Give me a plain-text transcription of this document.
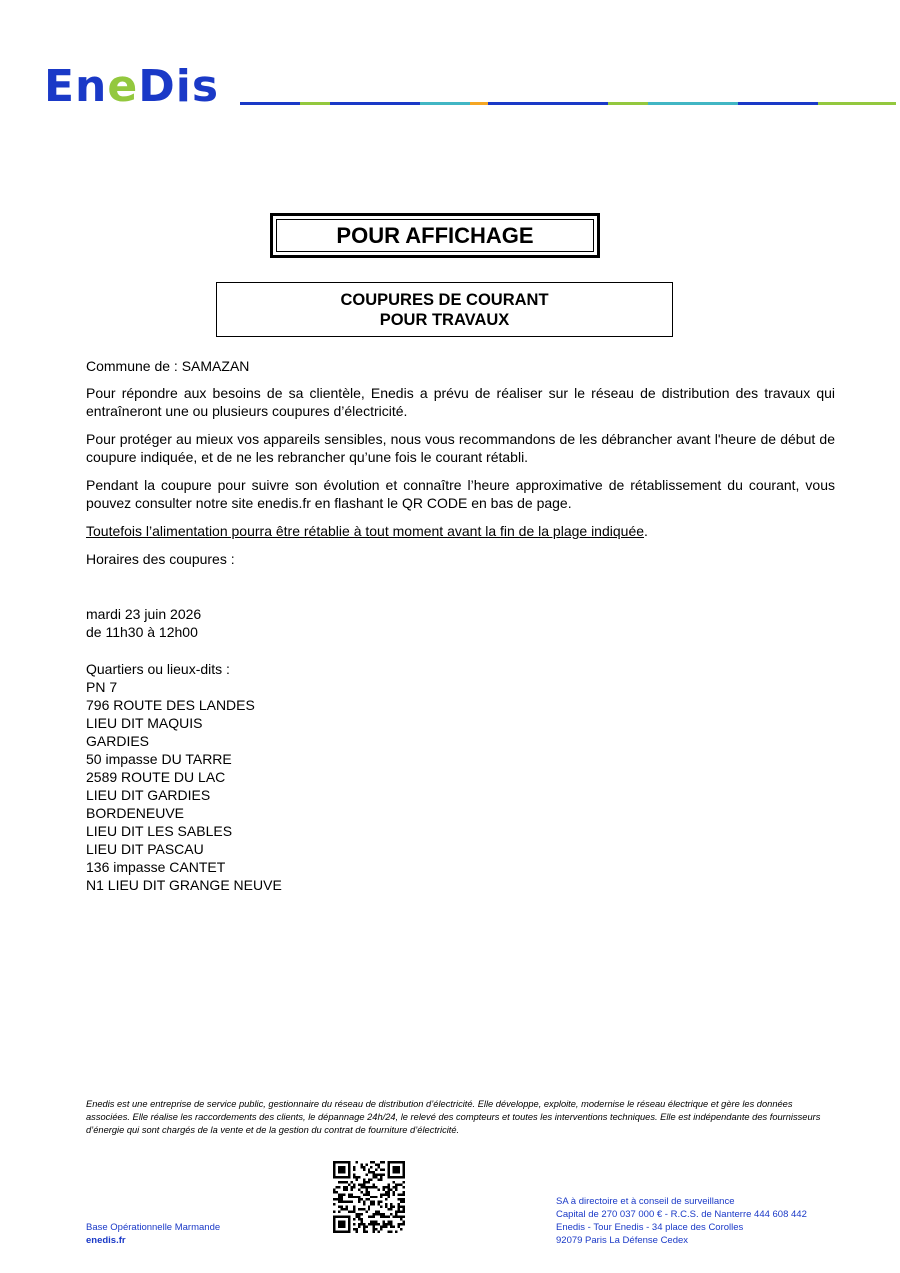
EneDis
POUR AFFICHAGE
COUPURES DE COURANT
POUR TRAVAUX
Commune de : SAMAZAN
Pour répondre aux besoins de sa clientèle, Enedis a prévu de réaliser sur le réseau de distribution des travaux qui entraîneront une ou plusieurs coupures d’électricité.
Pour protéger au mieux vos appareils sensibles, nous vous recommandons de les débrancher avant l'heure de début de coupure indiquée, et de ne les rebrancher qu’une fois le courant rétabli.
Pendant la coupure pour suivre son évolution et connaître l’heure approximative de rétablissement du courant, vous pouvez consulter notre site enedis.fr en flashant le QR CODE en bas de page.
Toutefois l’alimentation pourra être rétablie à tout moment avant la fin de la plage indiquée.
Horaires des coupures :
mardi 23 juin 2026
de 11h30 à 12h00
Quartiers ou lieux-dits :
PN 7
796 ROUTE DES LANDES
LIEU DIT MAQUIS
GARDIES
50 impasse DU TARRE
2589 ROUTE DU LAC
LIEU DIT GARDIES
BORDENEUVE
LIEU DIT LES SABLES
LIEU DIT PASCAU
136 impasse CANTET
N1 LIEU DIT GRANGE NEUVE
Enedis est une entreprise de service public, gestionnaire du réseau de distribution d’électricité. Elle développe, exploite, modernise le réseau électrique et gère les données associées. Elle réalise les raccordements des clients, le dépannage 24h/24, le relevé des compteurs et toutes les interventions techniques. Elle est indépendante des fournisseurs d’énergie qui sont chargés de la vente et de la gestion du contrat de fourniture d’électricité.
Base Opérationnelle Marmande
enedis.fr
SA à directoire et à conseil de surveillance
Capital de 270 037 000 € - R.C.S. de Nanterre 444 608 442
Enedis - Tour Enedis - 34 place des Corolles
92079 Paris La Défense Cedex
